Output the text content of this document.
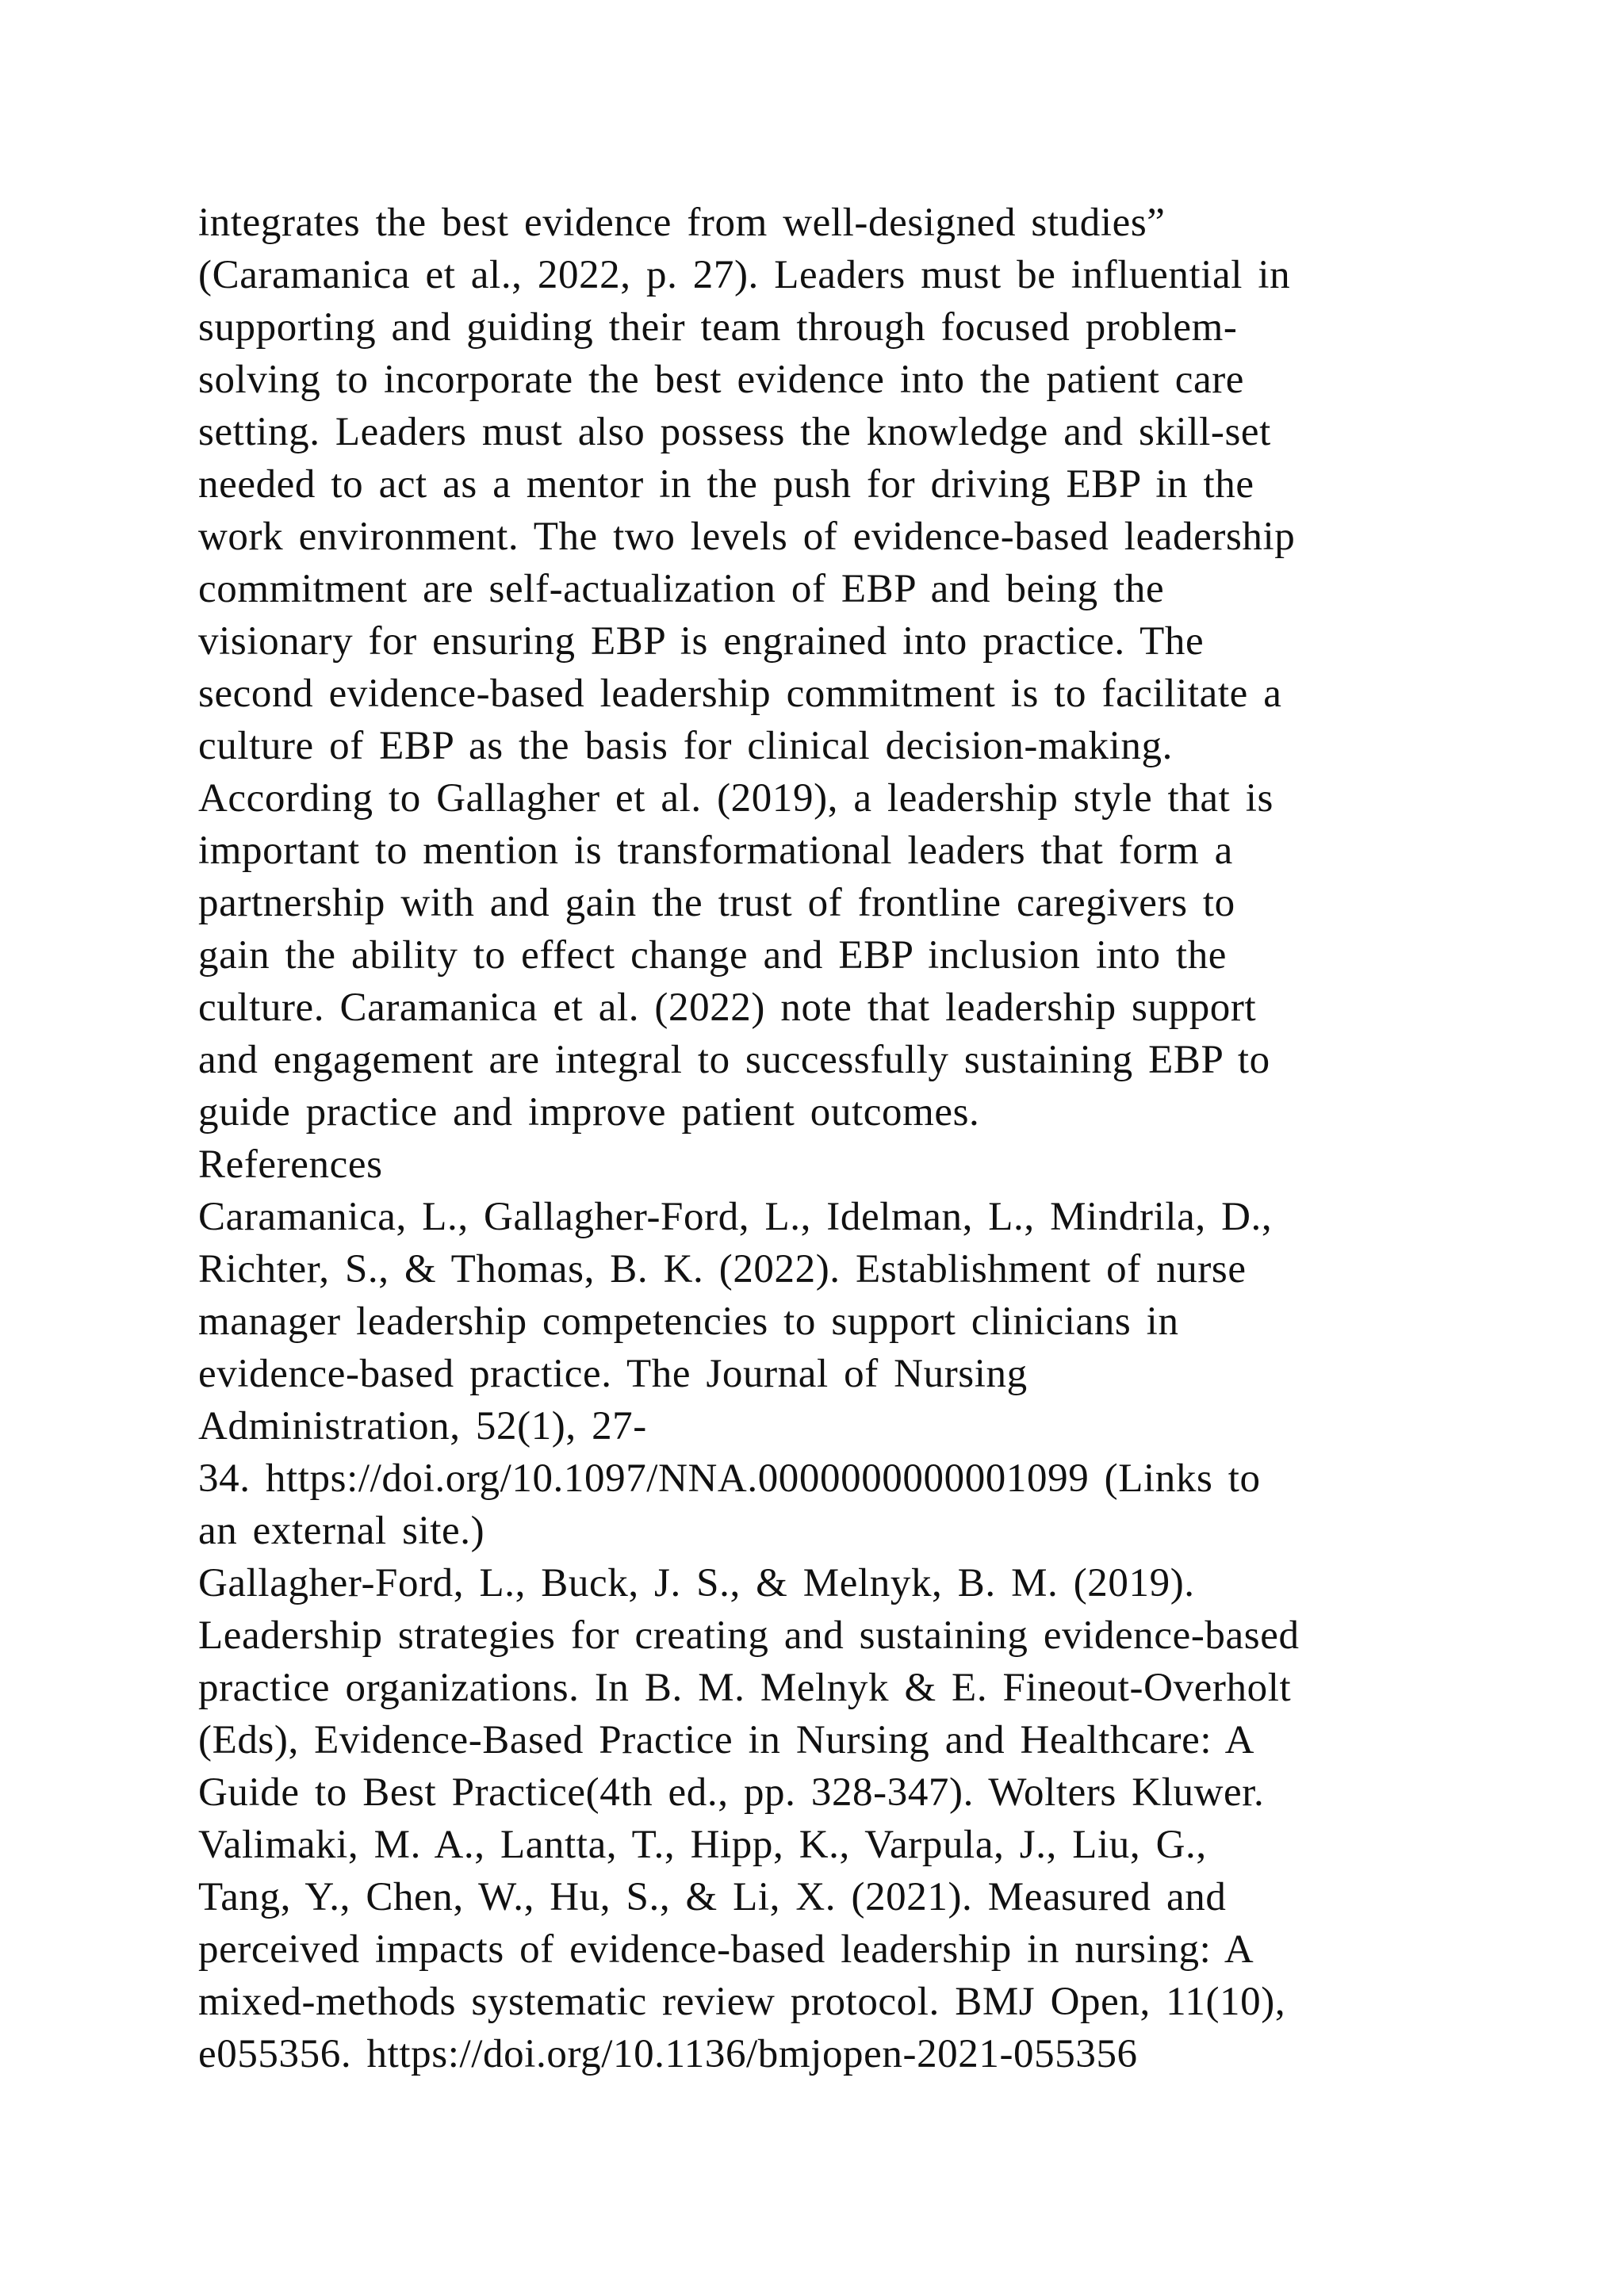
integrates the best evidence from well-designed studies”
(Caramanica et al., 2022, p. 27). Leaders must be influential in
supporting and guiding their team through focused problem-
solving to incorporate the best evidence into the patient care
setting. Leaders must also possess the knowledge and skill-set
needed to act as a mentor in the push for driving EBP in the
work environment. The two levels of evidence-based leadership
commitment are self-actualization of EBP and being the
visionary for ensuring EBP is engrained into practice. The
second evidence-based leadership commitment is to facilitate a
culture of EBP as the basis for clinical decision-making.
According to Gallagher et al. (2019), a leadership style that is
important to mention is transformational leaders that form a
partnership with and gain the trust of frontline caregivers to
gain the ability to effect change and EBP inclusion into the
culture. Caramanica et al. (2022) note that leadership support
and engagement are integral to successfully sustaining EBP to
guide practice and improve patient outcomes.
References
Caramanica, L., Gallagher-Ford, L., Idelman, L., Mindrila, D.,
Richter, S., & Thomas, B. K. (2022). Establishment of nurse
manager leadership competencies to support clinicians in
evidence-based practice. The Journal of Nursing
Administration, 52(1), 27-
34. https://doi.org/10.1097/NNA.0000000000001099 (Links to
an external site.)
Gallagher-Ford, L., Buck, J. S., & Melnyk, B. M. (2019).
Leadership strategies for creating and sustaining evidence-based
practice organizations. In B. M. Melnyk & E. Fineout-Overholt
(Eds), Evidence-Based Practice in Nursing and Healthcare: A
Guide to Best Practice(4th ed., pp. 328-347). Wolters Kluwer.
Valimaki, M. A., Lantta, T., Hipp, K., Varpula, J., Liu, G.,
Tang, Y., Chen, W., Hu, S., & Li, X. (2021). Measured and
perceived impacts of evidence-based leadership in nursing: A
mixed-methods systematic review protocol. BMJ Open, 11(10),
e055356. https://doi.org/10.1136/bmjopen-2021-055356
